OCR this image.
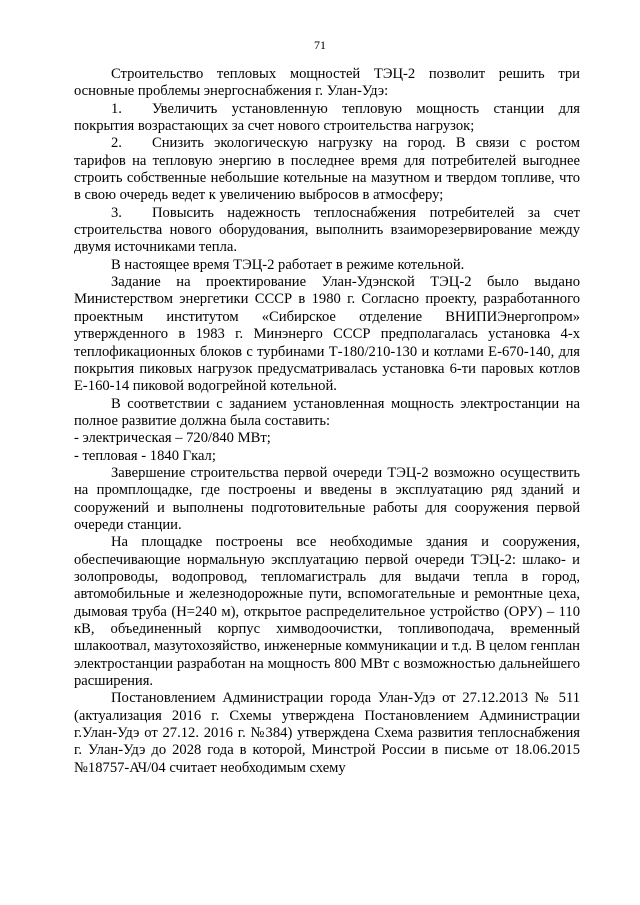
71

Строительство тепловых мощностей ТЭЦ-2 позволит решить три основные проблемы энергоснабжения г. Улан-Удэ:

1. Увеличить установленную тепловую мощность станции для покрытия возрастающих за счет нового строительства нагрузок;

2. Снизить экологическую нагрузку на город. В связи с ростом тарифов на тепловую энергию в последнее время для потребителей выгоднее строить собственные небольшие котельные на мазутном и твердом топливе, что в свою очередь ведет к увеличению выбросов в атмосферу;

3. Повысить надежность теплоснабжения потребителей за счет строительства нового оборудования, выполнить взаиморезервирование между двумя источниками тепла.

В настоящее время ТЭЦ-2 работает в режиме котельной.

Задание на проектирование Улан-Удэнской ТЭЦ-2 было выдано Министерством энергетики СССР в 1980 г. Согласно проекту, разработанного проектным институтом «Сибирское отделение ВНИПИЭнергопром» утвержденного в 1983 г. Минэнерго СССР предполагалась установка 4-х теплофикационных блоков с турбинами Т-180/210-130 и котлами Е-670-140, для покрытия пиковых нагрузок предусматривалась установка 6-ти паровых котлов Е-160-14 пиковой водогрейной котельной.

В соответствии с заданием установленная мощность электростанции на полное развитие должна была составить:

- электрическая – 720/840 МВт;

- тепловая - 1840 Гкал;

Завершение строительства первой очереди ТЭЦ-2 возможно осуществить на промплощадке, где построены и введены в эксплуатацию ряд зданий и сооружений и выполнены подготовительные работы для сооружения первой очереди станции.

На площадке построены все необходимые здания и сооружения, обеспечивающие нормальную эксплуатацию первой очереди ТЭЦ-2: шлако- и золопроводы, водопровод, тепломагистраль для выдачи тепла в город, автомобильные и железнодорожные пути, вспомогательные и ремонтные цеха, дымовая труба (Н=240 м), открытое распределительное устройство (ОРУ) – 110 кВ, объединенный корпус химводоочистки, топливоподача, временный шлакоотвал, мазутохозяйство, инженерные коммуникации и т.д. В целом генплан электростанции разработан на мощность 800 МВт с возможностью дальнейшего расширения.

Постановлением Администрации города Улан-Удэ от 27.12.2013 № 511 (актуализация 2016 г. Схемы утверждена Постановлением Администрации г.Улан-Удэ от 27.12. 2016 г. №384) утверждена Схема развития теплоснабжения г. Улан-Удэ до 2028 года в которой, Минстрой России в письме от 18.06.2015 №18757-АЧ/04 считает необходимым схему
